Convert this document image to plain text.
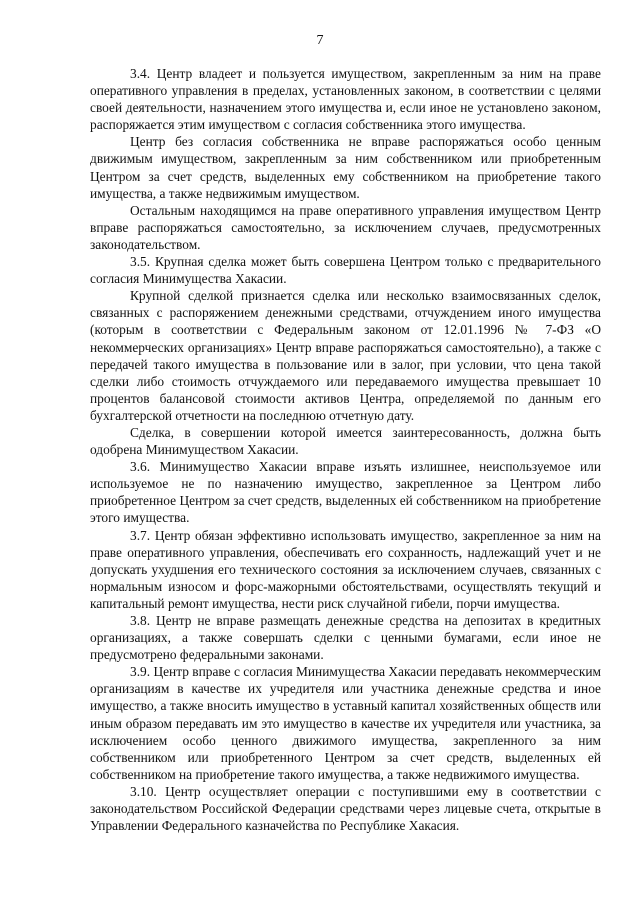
7

3.4. Центр владеет и пользуется имуществом, закрепленным за ним на праве оперативного управления в пределах, установленных законом, в соответствии с целями своей деятельности, назначением этого имущества и, если иное не установлено законом, распоряжается этим имуществом с согласия собственника этого имущества.

Центр без согласия собственника не вправе распоряжаться особо ценным движимым имуществом, закрепленным за ним собственником или приобретенным Центром за счет средств, выделенных ему собственником на приобретение такого имущества, а также недвижимым имуществом.

Остальным находящимся на праве оперативного управления имуществом Центр вправе распоряжаться самостоятельно, за исключением случаев, предусмотренных законодательством.

3.5. Крупная сделка может быть совершена Центром только с предварительного согласия Минимущества Хакасии.

Крупной сделкой признается сделка или несколько взаимосвязанных сделок, связанных с распоряжением денежными средствами, отчуждением иного имущества (которым в соответствии с Федеральным законом от 12.01.1996 № 7-ФЗ «О некоммерческих организациях» Центр вправе распоряжаться самостоятельно), а также с передачей такого имущества в пользование или в залог, при условии, что цена такой сделки либо стоимость отчуждаемого или передаваемого имущества превышает 10 процентов балансовой стоимости активов Центра, определяемой по данным его бухгалтерской отчетности на последнюю отчетную дату.

Сделка, в совершении которой имеется заинтересованность, должна быть одобрена Минимуществом Хакасии.

3.6. Минимущество Хакасии вправе изъять излишнее, неиспользуемое или используемое не по назначению имущество, закрепленное за Центром либо приобретенное Центром за счет средств, выделенных ей собственником на приобретение этого имущества.

3.7. Центр обязан эффективно использовать имущество, закрепленное за ним на праве оперативного управления, обеспечивать его сохранность, надлежащий учет и не допускать ухудшения его технического состояния за исключением случаев, связанных с нормальным износом и форс-мажорными обстоятельствами, осуществлять текущий и капитальный ремонт имущества, нести риск случайной гибели, порчи имущества.

3.8. Центр не вправе размещать денежные средства на депозитах в кредитных организациях, а также совершать сделки с ценными бумагами, если иное не предусмотрено федеральными законами.

3.9. Центр вправе с согласия Минимущества Хакасии передавать некоммерческим организациям в качестве их учредителя или участника денежные средства и иное имущество, а также вносить имущество в уставный капитал хозяйственных обществ или иным образом передавать им это имущество в качестве их учредителя или участника, за исключением особо ценного движимого имущества, закрепленного за ним собственником или приобретенного Центром за счет средств, выделенных ей собственником на приобретение такого имущества, а также недвижимого имущества.

3.10. Центр осуществляет операции с поступившими ему в соответствии с законодательством Российской Федерации средствами через лицевые счета, открытые в Управлении Федерального казначейства по Республике Хакасия.
